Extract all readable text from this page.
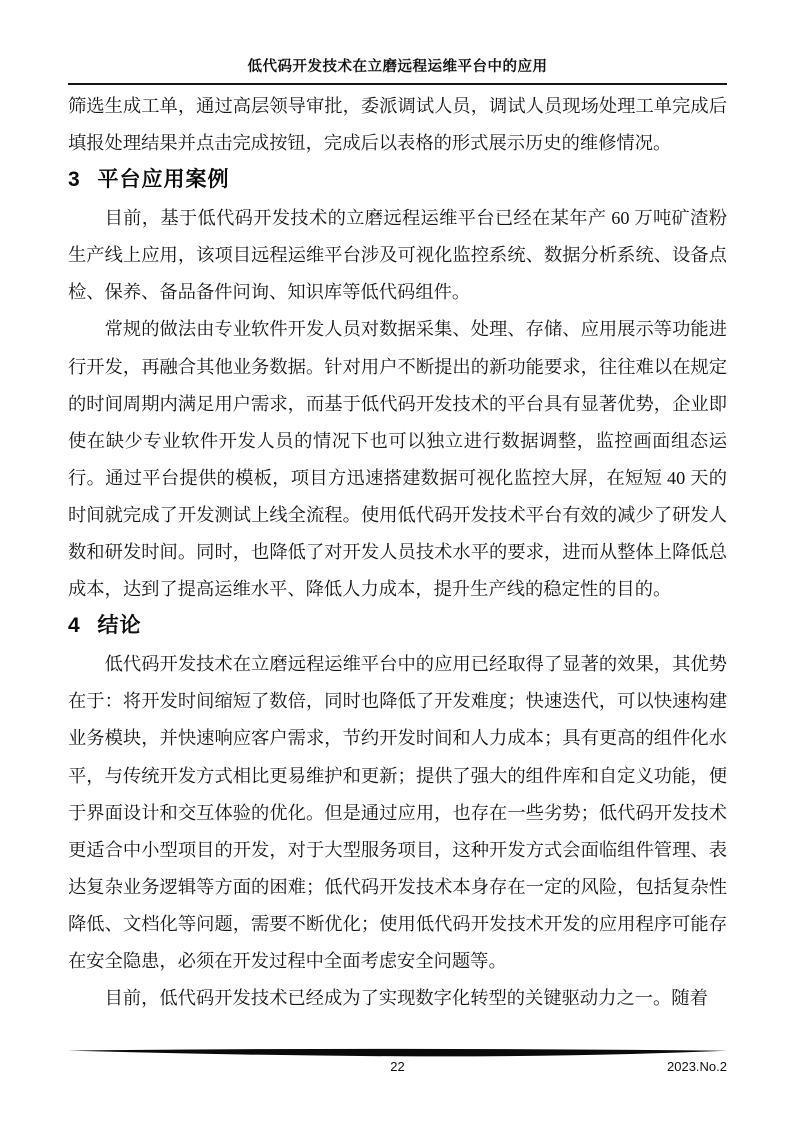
低代码开发技术在立磨远程运维平台中的应用

筛选生成工单，通过高层领导审批，委派调试人员，调试人员现场处理工单完成后填报处理结果并点击完成按钮，完成后以表格的形式展示历史的维修情况。

3 平台应用案例

目前，基于低代码开发技术的立磨远程运维平台已经在某年产 60 万吨矿渣粉生产线上应用，该项目远程运维平台涉及可视化监控系统、数据分析系统、设备点检、保养、备品备件问询、知识库等低代码组件。

常规的做法由专业软件开发人员对数据采集、处理、存储、应用展示等功能进行开发，再融合其他业务数据。针对用户不断提出的新功能要求，往往难以在规定的时间周期内满足用户需求，而基于低代码开发技术的平台具有显著优势，企业即使在缺少专业软件开发人员的情况下也可以独立进行数据调整，监控画面组态运行。通过平台提供的模板，项目方迅速搭建数据可视化监控大屏，在短短 40 天的时间就完成了开发测试上线全流程。使用低代码开发技术平台有效的减少了研发人数和研发时间。同时，也降低了对开发人员技术水平的要求，进而从整体上降低总成本，达到了提高运维水平、降低人力成本，提升生产线的稳定性的目的。

4 结论

低代码开发技术在立磨远程运维平台中的应用已经取得了显著的效果，其优势在于：将开发时间缩短了数倍，同时也降低了开发难度；快速迭代，可以快速构建业务模块，并快速响应客户需求，节约开发时间和人力成本；具有更高的组件化水平，与传统开发方式相比更易维护和更新；提供了强大的组件库和自定义功能，便于界面设计和交互体验的优化。但是通过应用，也存在一些劣势；低代码开发技术更适合中小型项目的开发，对于大型服务项目，这种开发方式会面临组件管理、表达复杂业务逻辑等方面的困难；低代码开发技术本身存在一定的风险，包括复杂性降低、文档化等问题，需要不断优化；使用低代码开发技术开发的应用程序可能存在安全隐患，必须在开发过程中全面考虑安全问题等。

目前，低代码开发技术已经成为了实现数字化转型的关键驱动力之一。随着

22	2023.No.2
